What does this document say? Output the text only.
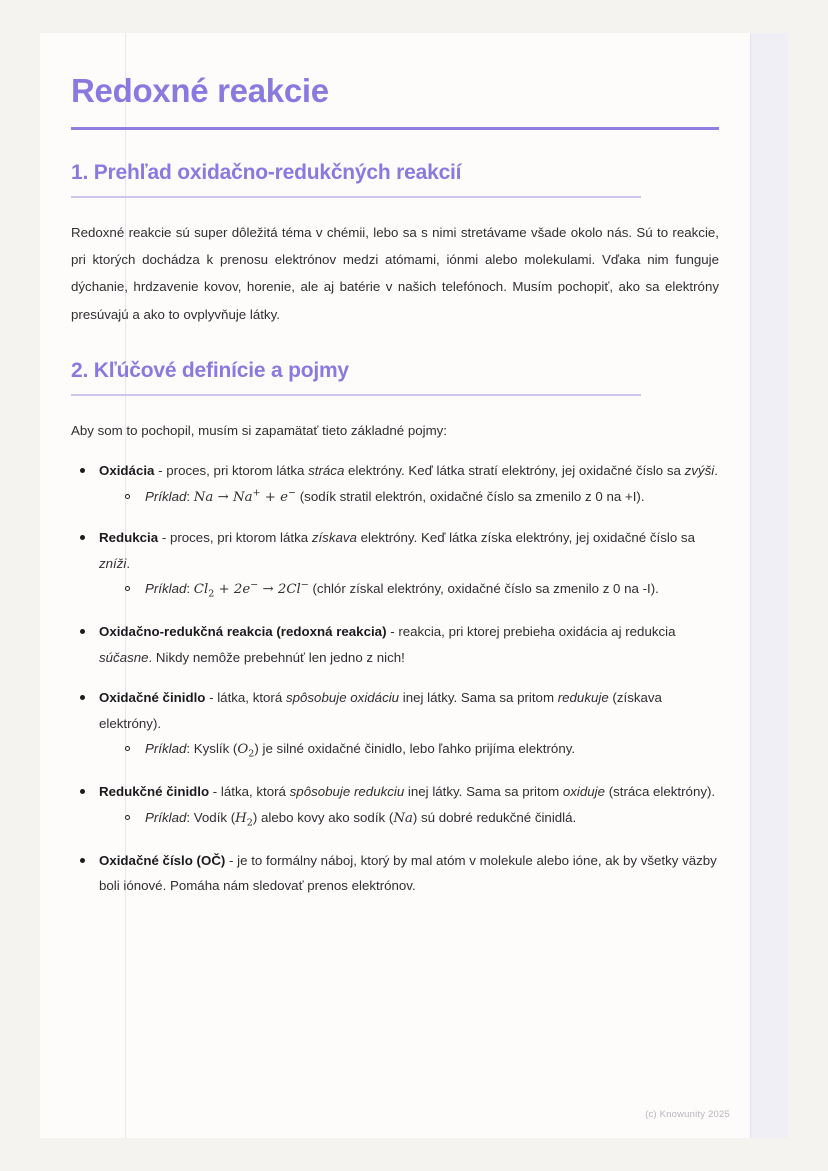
Redoxné reakcie
1. Prehľad oxidačno-redukčných reakcií

Redoxné reakcie sú super dôležitá téma v chémii, lebo sa s nimi stretávame všade okolo nás. Sú to reakcie, pri ktorých dochádza k prenosu elektrónov medzi atómami, iónmi alebo molekulami. Vďaka nim funguje dýchanie, hrdzavenie kovov, horenie, ale aj batérie v našich telefónoch. Musím pochopiť, ako sa elektróny presúvajú a ako to ovplyvňuje látky.

2. Kľúčové definície a pojmy

Aby som to pochopil, musím si zapamätať tieto základné pojmy:

Oxidácia - proces, pri ktorom látka stráca elektróny. Keď látka stratí elektróny, jej oxidačné číslo sa zvýši.
Príklad: Na → Na+ + e− (sodík stratil elektrón, oxidačné číslo sa zmenilo z 0 na +I).
Redukcia - proces, pri ktorom látka získava elektróny. Keď látka získa elektróny, jej oxidačné číslo sa zníži.
Príklad: $Cl_2 + 2e^- \to 2Cl^-$ (chlór získal elektróny, oxidačné číslo sa zmenilo z 0 na -I).
Oxidačno-redukčná reakcia (redoxná reakcia) - reakcia, pri ktorej prebieha oxidácia aj redukcia súčasne. Nikdy nemôže prebehnúť len jedno z nich!
Oxidačné činidlo - látka, ktorá spôsobuje oxidáciu inej látky. Sama sa pritom redukuje (získava elektróny).
Príklad: Kyslík $(O_2)$ je silné oxidačné činidlo, lebo ľahko prijíma elektróny.
Redukčné činidlo - látka, ktorá spôsobuje redukciu inej látky. Sama sa pritom oxiduje (stráca elektróny).
Príklad: Vodík $(H_2)$ alebo kovy ako sodík (Na) sú dobré redukčné činidlá.
Oxidačné číslo (OČ) - je to formálny náboj, ktorý by mal atóm v molekule alebo ióne, ak by všetky väzby boli iónové. Pomáha nám sledovať prenos elektrónov.
(c) Knowunity 2025
